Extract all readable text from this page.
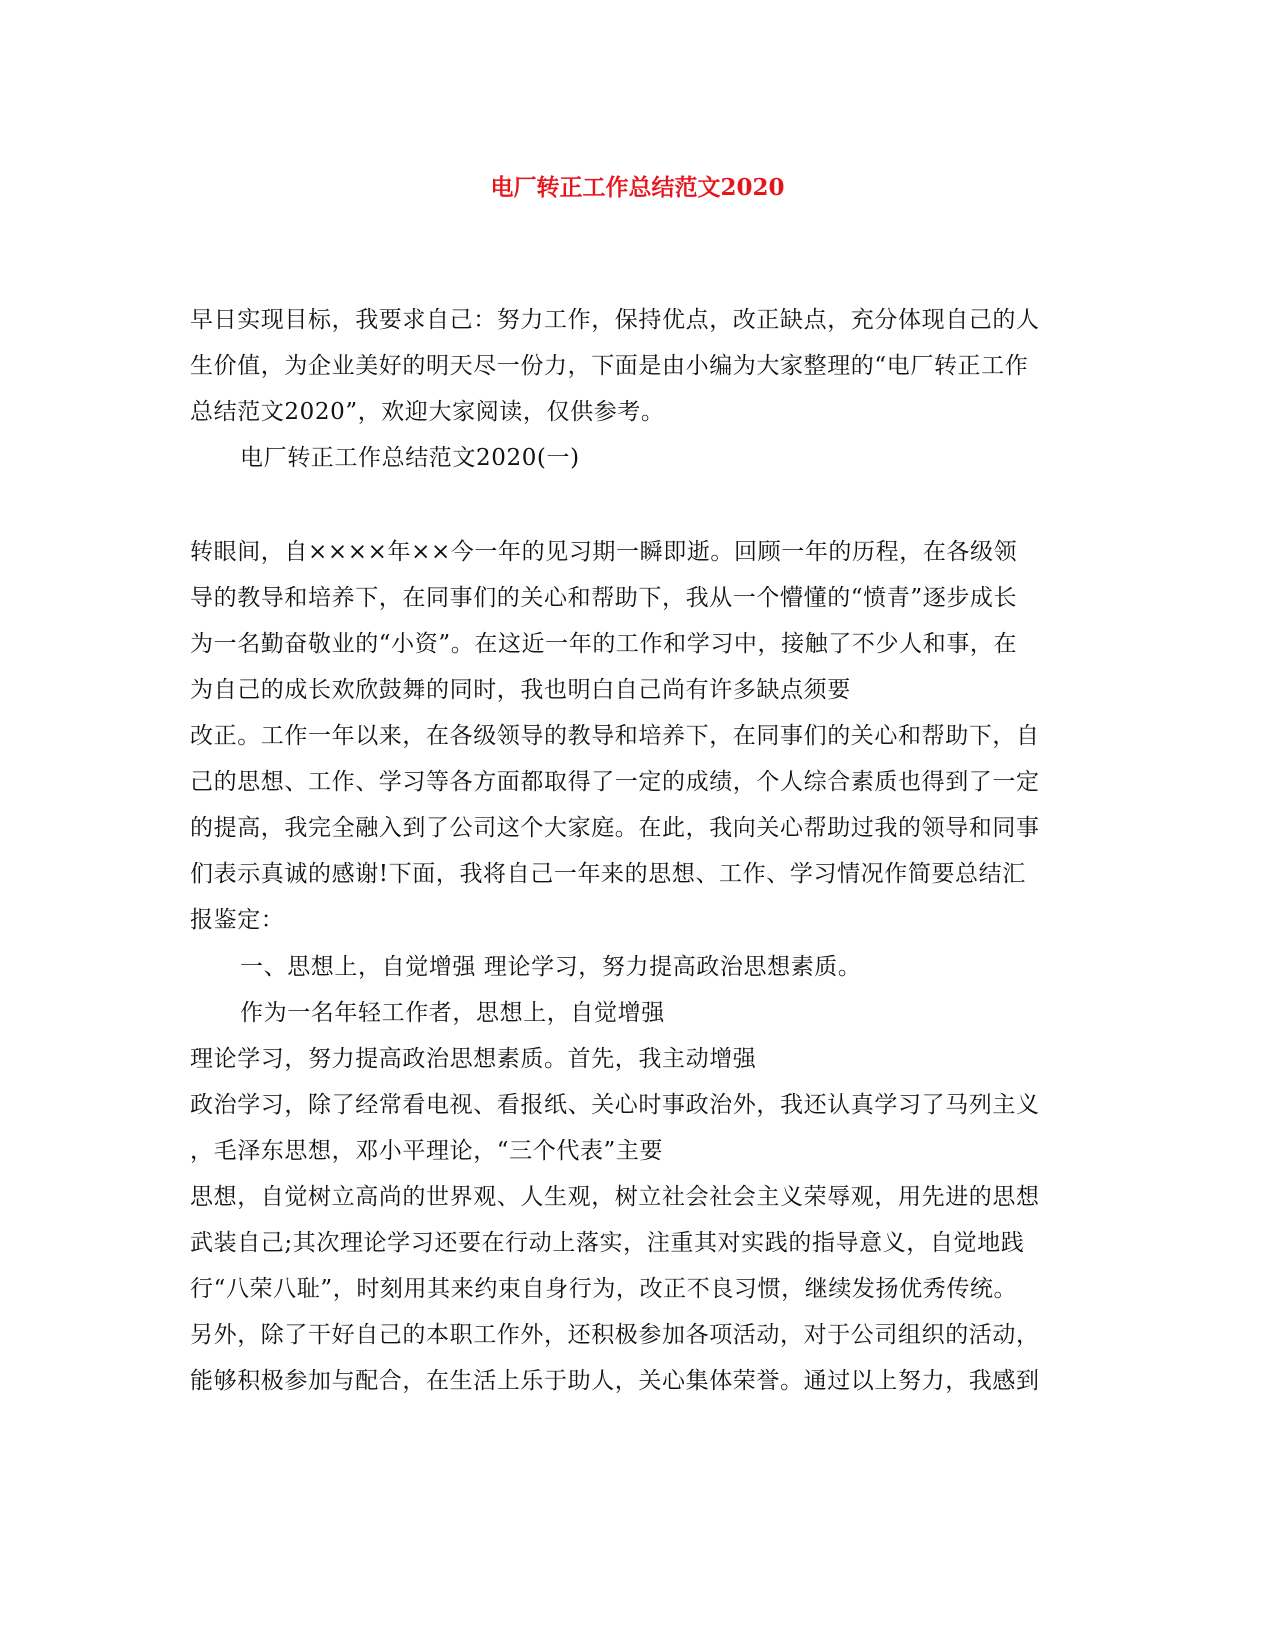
电厂转正工作总结范文2020
早日实现目标，我要求自己：努力工作，保持优点，改正缺点，充分体现自己的人
生价值，为企业美好的明天尽一份力，下面是由小编为大家整理的“电厂转正工作
总结范文2020”，欢迎大家阅读，仅供参考。
电厂转正工作总结范文2020(一)
转眼间，自××××年××今一年的见习期一瞬即逝。回顾一年的历程，在各级领
导的教导和培养下，在同事们的关心和帮助下，我从一个懵懂的“愤青”逐步成长
为一名勤奋敬业的“小资”。在这近一年的工作和学习中，接触了不少人和事，在
为自己的成长欢欣鼓舞的同时，我也明白自己尚有许多缺点须要
改正。工作一年以来，在各级领导的教导和培养下，在同事们的关心和帮助下，自
己的思想、工作、学习等各方面都取得了一定的成绩，个人综合素质也得到了一定
的提高，我完全融入到了公司这个大家庭。在此，我向关心帮助过我的领导和同事
们表示真诚的感谢!下面，我将自己一年来的思想、工作、学习情况作简要总结汇
报鉴定：
一、思想上，自觉增强 理论学习，努力提高政治思想素质。
作为一名年轻工作者，思想上，自觉增强
理论学习，努力提高政治思想素质。首先，我主动增强
政治学习，除了经常看电视、看报纸、关心时事政治外，我还认真学习了马列主义
，毛泽东思想，邓小平理论，“三个代表”主要
思想，自觉树立高尚的世界观、人生观，树立社会社会主义荣辱观，用先进的思想
武装自己;其次理论学习还要在行动上落实，注重其对实践的指导意义，自觉地践
行“八荣八耻”，时刻用其来约束自身行为，改正不良习惯，继续发扬优秀传统。
另外，除了干好自己的本职工作外，还积极参加各项活动，对于公司组织的活动，
能够积极参加与配合，在生活上乐于助人，关心集体荣誉。通过以上努力，我感到
